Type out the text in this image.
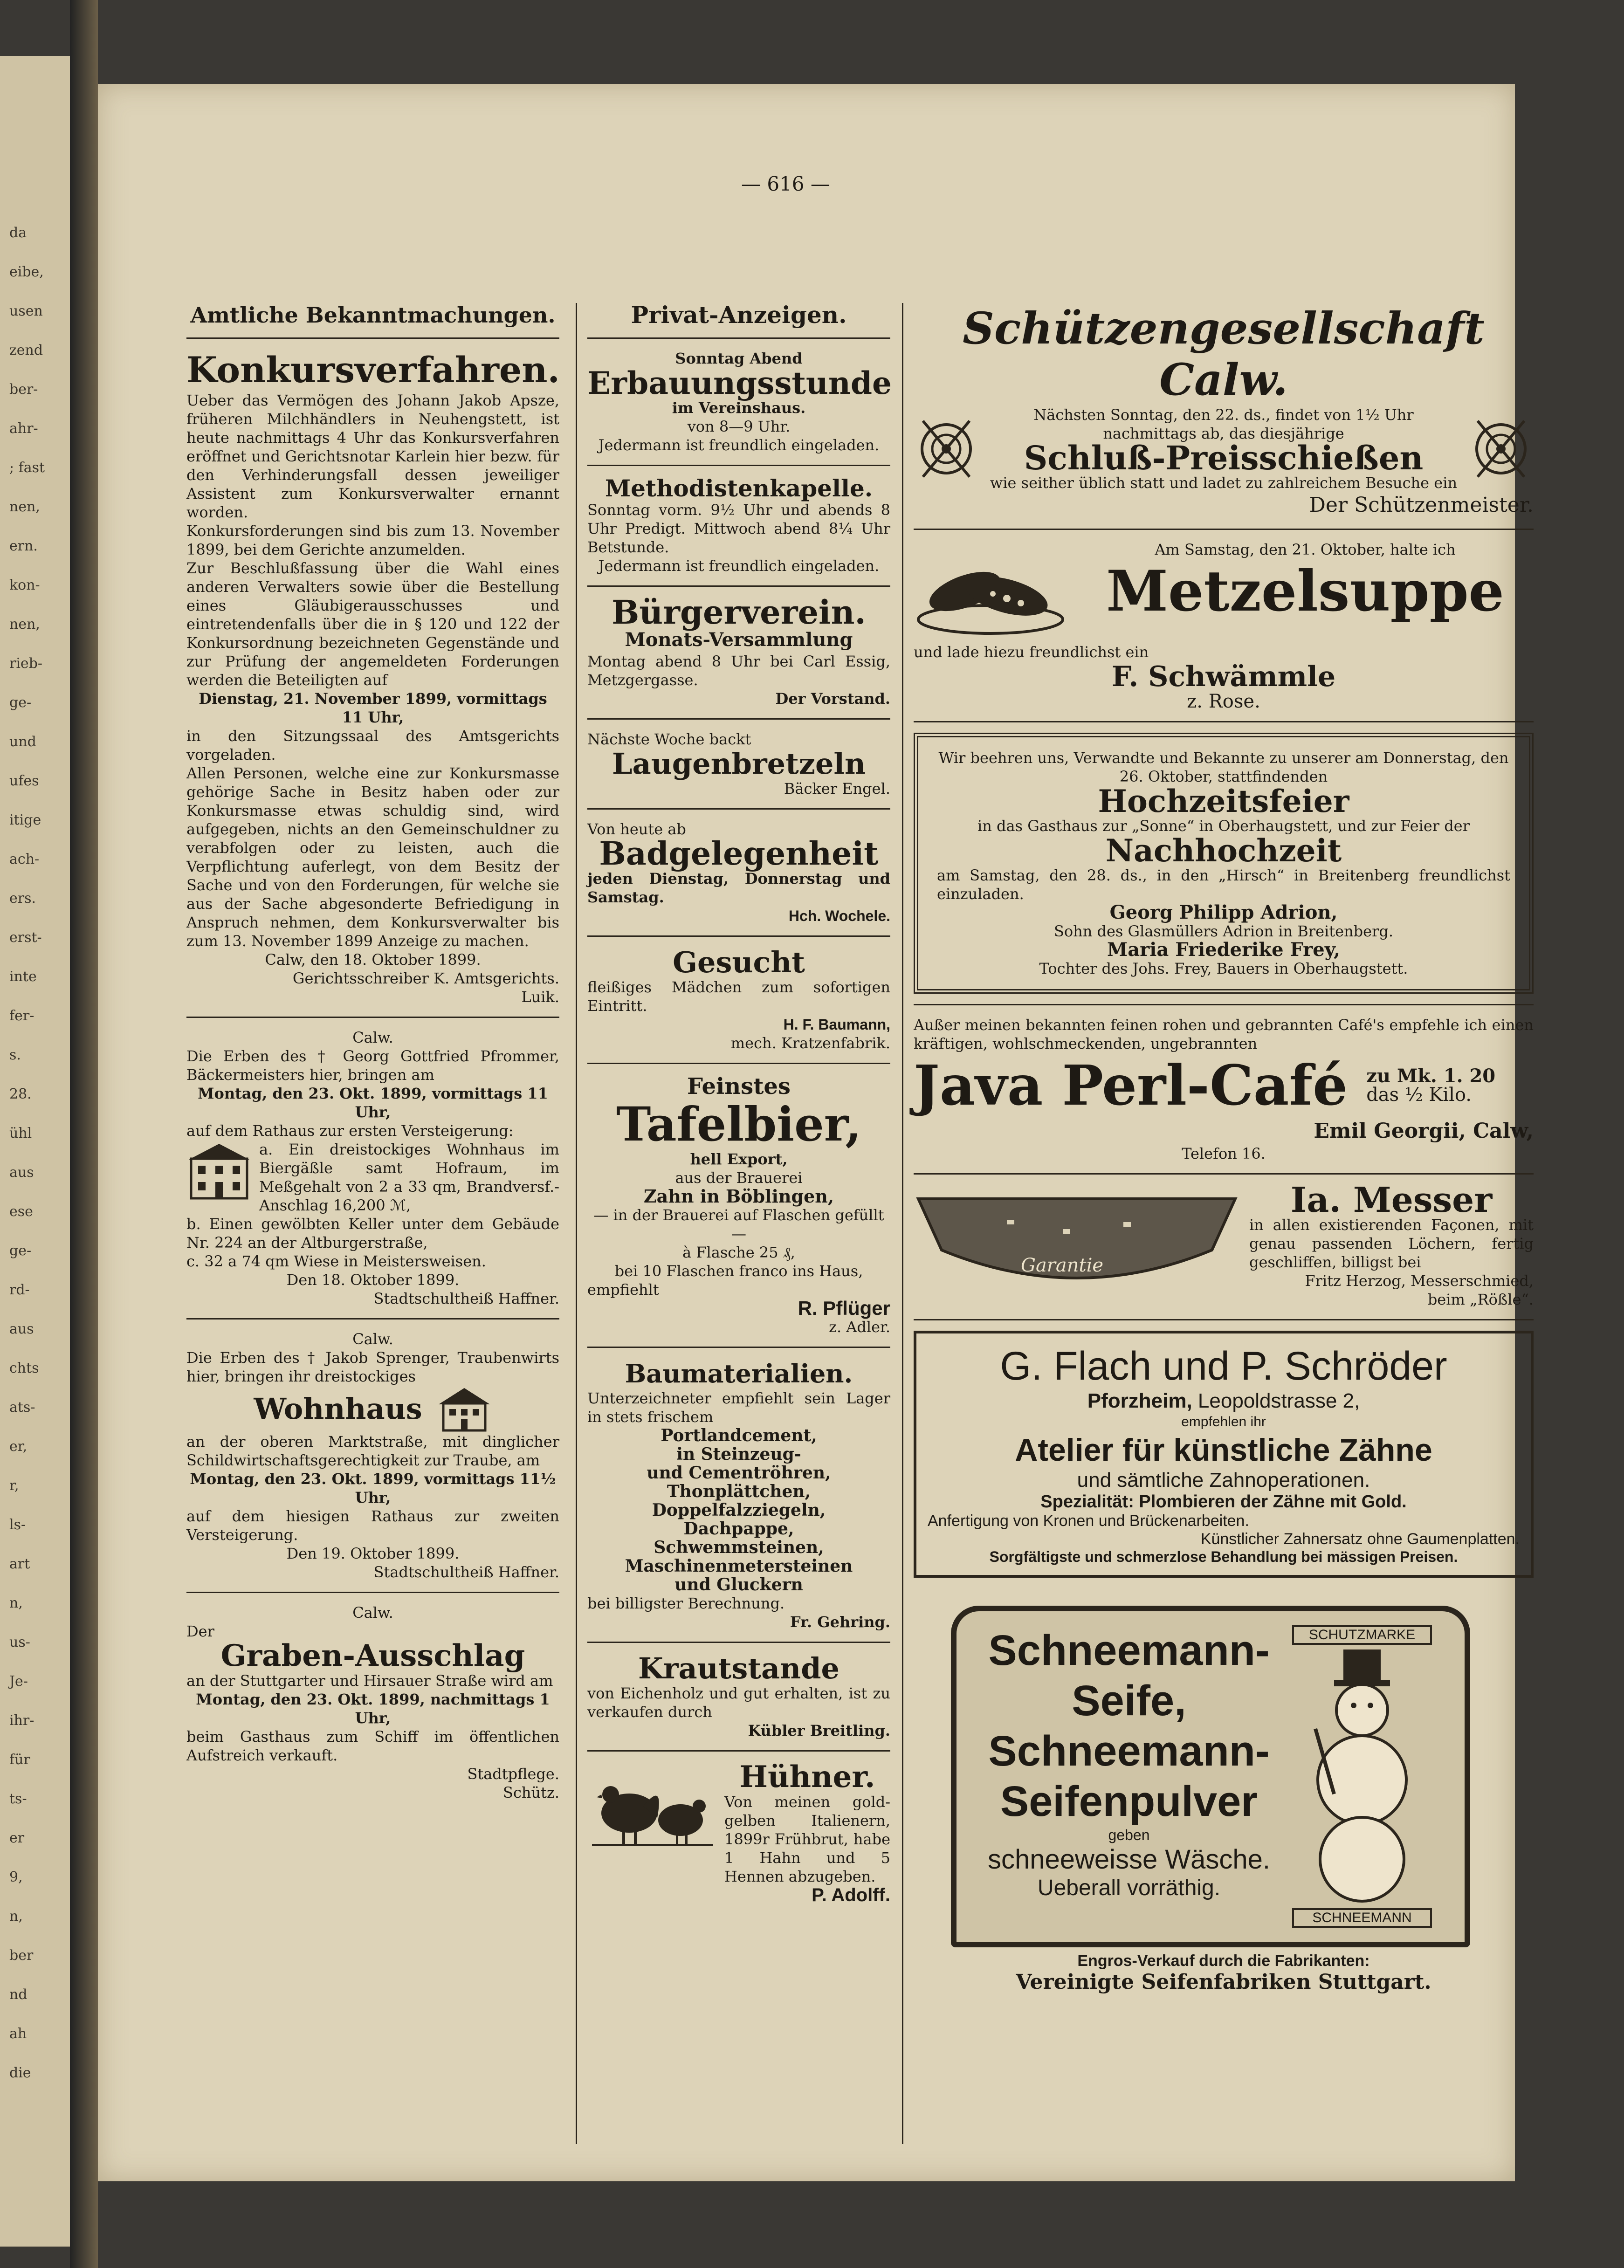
da
eibe,
usen
zend
ber-
ahr-
; fast
nen,
ern.
kon-
nen,
rieb-
ge-
und
ufes
itige
ach-
ers.
erst-
inte
fer-
s.
28.
ühl
aus
ese
ge-
rd-
aus
chts
ats-
er,
r,
ls-
art
n,
us-
Je-
ihr-
für
ts-
er
9,
n,
ber
nd
ah
die
— 616 —
Amtliche Bekanntmachungen.
Konkursverfahren.
Ueber das Vermögen des Johann Jakob Apsze, früheren Milchhändlers in Neuhengstett, ist heute nachmittags 4 Uhr das Konkursverfahren eröffnet und Gerichtsnotar Karlein hier bezw. für den Verhinderungsfall dessen jeweiliger Assistent zum Konkursverwalter ernannt worden.
Konkursforderungen sind bis zum 13. November 1899, bei dem Gerichte anzumelden.
Zur Beschlußfassung über die Wahl eines anderen Verwalters sowie über die Bestellung eines Gläubigerausschusses und eintretendenfalls über die in § 120 und 122 der Konkursordnung bezeichneten Gegenstände und zur Prüfung der angemeldeten Forderungen werden die Beteiligten auf
Dienstag, 21. November 1899, vormittags 11 Uhr,
in den Sitzungssaal des Amtsgerichts vorgeladen.
Allen Personen, welche eine zur Konkursmasse gehörige Sache in Besitz haben oder zur Konkursmasse etwas schuldig sind, wird aufgegeben, nichts an den Gemeinschuldner zu verabfolgen oder zu leisten, auch die Verpflichtung auferlegt, von dem Besitz der Sache und von den Forderungen, für welche sie aus der Sache abgesonderte Befriedigung in Anspruch nehmen, dem Konkursverwalter bis zum 13. November 1899 Anzeige zu machen.
Calw, den 18. Oktober 1899.
Gerichtsschreiber K. Amtsgerichts.
Luik.
Calw.
Die Erben des † Georg Gottfried Pfrommer, Bäckermeisters hier, bringen am
Montag, den 23. Okt. 1899, vormittags 11 Uhr,
auf dem Rathaus zur ersten Versteigerung:
a. Ein dreistockiges Wohnhaus im Biergäßle samt Hofraum, im Meßgehalt von 2 a 33 qm, Brandversf.-Anschlag 16,200 ℳ,
b. Einen gewölbten Keller unter dem Gebäude Nr. 224 an der Altburgerstraße,
c. 32 a 74 qm Wiese in Meistersweisen.
Den 18. Oktober 1899.
Stadtschultheiß Haffner.
Calw.
Die Erben des † Jakob Sprenger, Traubenwirts hier, bringen ihr dreistockiges
Wohnhaus
an der oberen Marktstraße, mit dinglicher Schildwirtschaftsgerechtigkeit zur Traube, am
Montag, den 23. Okt. 1899, vormittags 11½ Uhr,
auf dem hiesigen Rathaus zur zweiten Versteigerung.
Den 19. Oktober 1899.
Stadtschultheiß Haffner.
Calw.
Der
Graben-Ausschlag
an der Stuttgarter und Hirsauer Straße wird am
Montag, den 23. Okt. 1899, nachmittags 1 Uhr,
beim Gasthaus zum Schiff im öffentlichen Aufstreich verkauft.
Stadtpflege.
Schütz.
Privat-Anzeigen.
Sonntag Abend
Erbauungsstunde
im Vereinshaus.
von 8—9 Uhr.
Jedermann ist freundlich eingeladen.
Methodistenkapelle.
Sonntag vorm. 9½ Uhr und abends 8 Uhr Predigt. Mittwoch abend 8¼ Uhr Betstunde.
Jedermann ist freundlich eingeladen.
Bürgerverein.
Monats-Versammlung
Montag abend 8 Uhr bei Carl Essig, Metzgergasse.
Der Vorstand.
Nächste Woche backt
Laugenbretzeln
Bäcker Engel.
Von heute ab
Badgelegenheit
jeden Dienstag, Donnerstag und Samstag.
Hch. Wochele.
Gesucht
fleißiges Mädchen zum sofortigen Eintritt.
H. F. Baumann,
mech. Kratzenfabrik.
Feinstes
Tafelbier,
hell Export,
aus der Brauerei
Zahn in Böblingen,
— in der Brauerei auf Flaschen gefüllt —
à Flasche 25 ₰,
bei 10 Flaschen franco ins Haus,
empfiehlt
R. Pflüger
z. Adler.
Baumaterialien.
Unterzeichneter empfiehlt sein Lager in stets frischem
Portlandcement,
in Steinzeug-
und Cementröhren,
Thonplättchen,
Doppelfalzziegeln,
Dachpappe,
Schwemmsteinen,
Maschinenmetersteinen
und Gluckern
bei billigster Berechnung.
Fr. Gehring.
Krautstande
von Eichenholz und gut erhalten, ist zu verkaufen durch
Kübler Breitling.
Hühner.
Von meinen gold-gelben Italienern, 1899r Frühbrut, habe 1 Hahn und 5 Hennen abzugeben.
P. Adolff.
Schützengesellschaft Calw.
Nächsten Sonntag, den 22. ds., findet von 1½ Uhr nachmittags ab, das diesjährige
Schluß-Preisschießen
wie seither üblich statt und ladet zu zahlreichem Besuche ein
Der Schützenmeister.
Am Samstag, den 21. Oktober, halte ich
Metzelsuppe
und lade hiezu freundlichst ein
F. Schwämmle
z. Rose.
Wir beehren uns, Verwandte und Bekannte zu unserer am Donnerstag, den 26. Oktober, stattfindenden
Hochzeitsfeier
in das Gasthaus zur „Sonne“ in Oberhaugstett, und zur Feier der
Nachhochzeit
am Samstag, den 28. ds., in den „Hirsch“ in Breitenberg freundlichst einzuladen.
Georg Philipp Adrion,
Sohn des Glasmüllers Adrion in Breitenberg.
Maria Friederike Frey,
Tochter des Johs. Frey, Bauers in Oberhaugstett.
Außer meinen bekannten feinen rohen und gebrannten Café's empfehle ich einen kräftigen, wohlschmeckenden, ungebrannten
Java Perl-Café zu Mk. 1. 20
das ½ Kilo.
Emil Georgii, Calw,
Telefon 16.
Garantie
Ia. Messer
in allen existierenden Façonen, mit genau passenden Löchern, fertig geschliffen, billigst bei
Fritz Herzog, Messerschmied,
beim „Rößle“.
G. Flach und P. Schröder
Pforzheim, Leopoldstrasse 2,
empfehlen ihr
Atelier für künstliche Zähne
und sämtliche Zahnoperationen.
Spezialität: Plombieren der Zähne mit Gold.
Anfertigung von Kronen und Brückenarbeiten.
Künstlicher Zahnersatz ohne Gaumenplatten.
Sorgfältigste und schmerzlose Behandlung bei mässigen Preisen.
Schneemann-
Seife,
Schneemann-
Seifenpulver
geben
schneeweisse Wäsche.
Ueberall vorräthig.
SCHUTZMARKE
SCHNEEMANN
Engros-Verkauf durch die Fabrikanten:
Vereinigte Seifenfabriken Stuttgart.
